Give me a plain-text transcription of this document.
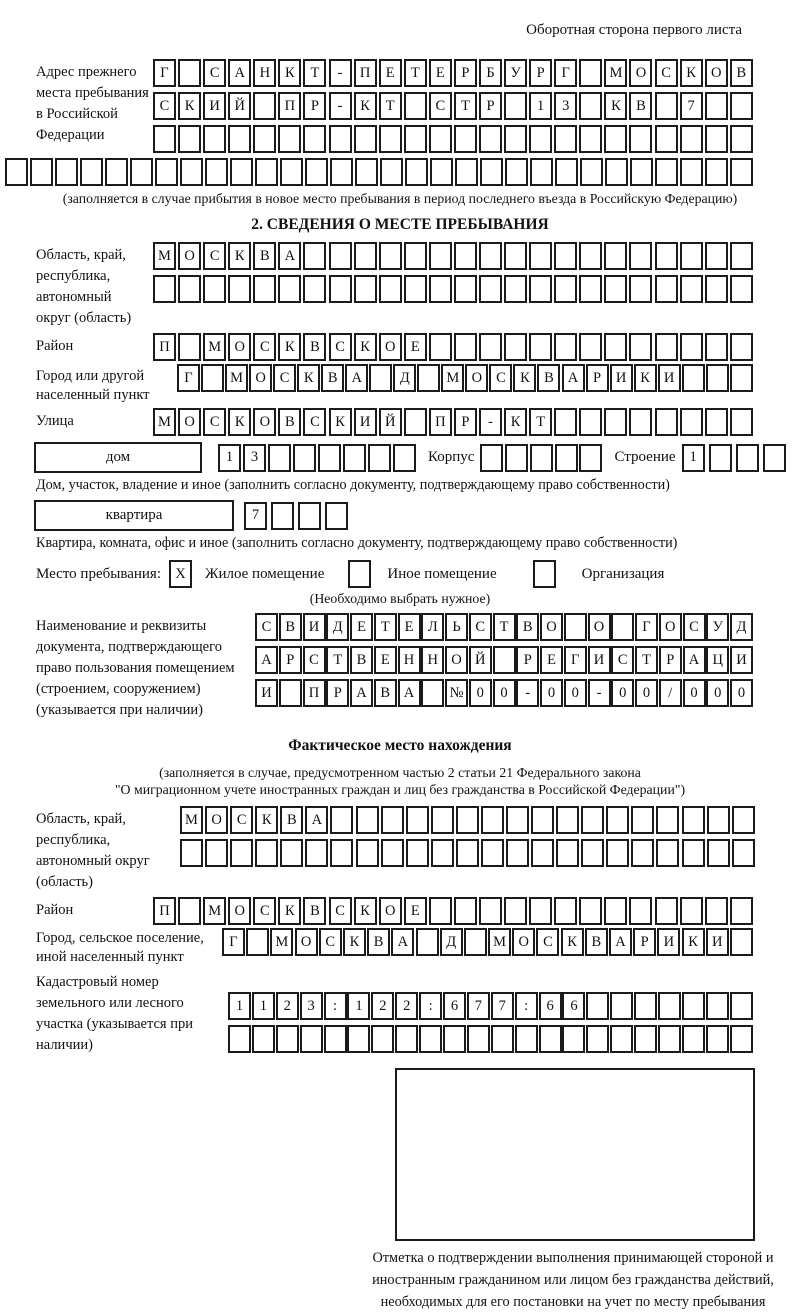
Оборотная сторона первого листа
Адрес прежнего места пребывания в Российской Федерации
Г	С	А	Н	К	Т	-	П	Е	Т	Е	Р	Б	У	Р	Г	М О	С	К	О	В
С	К	И	Й	П	Р	-	К	Т	С	Т	Р	1	3	К	В	7
(заполняется в случае прибытия в новое место пребывания в период последнего въезда в Российскую Федерацию)
2. СВЕДЕНИЯ О МЕСТЕ ПРЕБЫВАНИЯ
Область, край, республика, автономный округ (область)
М О	С	К	В	А
Район	П	М О	С	К	В	С	К	О	Е
Город или другой населенный пункт
Г	М О С К В А	Д	М О С К В А	Р	И К И
Улица	М О	С	К	О	В	С	К	И	Й	П	Р	-	К	Т
дом	1	3	Корпус	Строение 1
Дом, участок, владение и иное (заполнить согласно документу, подтверждающему право собственности)
квартира	7
Квартира, комната, офис и иное (заполнить согласно документу, подтверждающему право собственности)
Место пребывания: X	Жилое помещение	Иное помещение	Организация
(Необходимо выбрать нужное)
Наименование и реквизиты документа, подтверждающего право пользования помещением (строением, сооружением) (указывается при наличии)
С В И Д Е	Т	Е Л	Ь	С Т В О	О	Г О С У Д
А Р	С Т В Е Н Н О Й	Р	Е	Г И С Т	Р А Ц И
И	П Р А В А	№ 0	0	-	0	0	-	0	0	/	0	0	0
Фактическое место нахождения
(заполняется в случае, предусмотренном частью 2 статьи 21 Федерального закона
"О миграционном учете иностранных граждан и лиц без гражданства в Российской Федерации")
Область, край, республика, автономный округ (область)
М О	С	К	В	А
Район	П	М О	С	К	В	С	К	О	Е
Город, сельское поселение, иной населенный пункт
Г	М О С	К	В А	Д	М О С	К	В А	Р	И К И
Кадастровый номер земельного или лесного участка (указывается при наличии)
1	1	2	3	:	1	2	2	:	6	7	7	:	6	6
Отметка о подтверждении выполнения принимающей стороной и иностранным гражданином или лицом без гражданства действий, необходимых для его постановки на учет по месту пребывания
